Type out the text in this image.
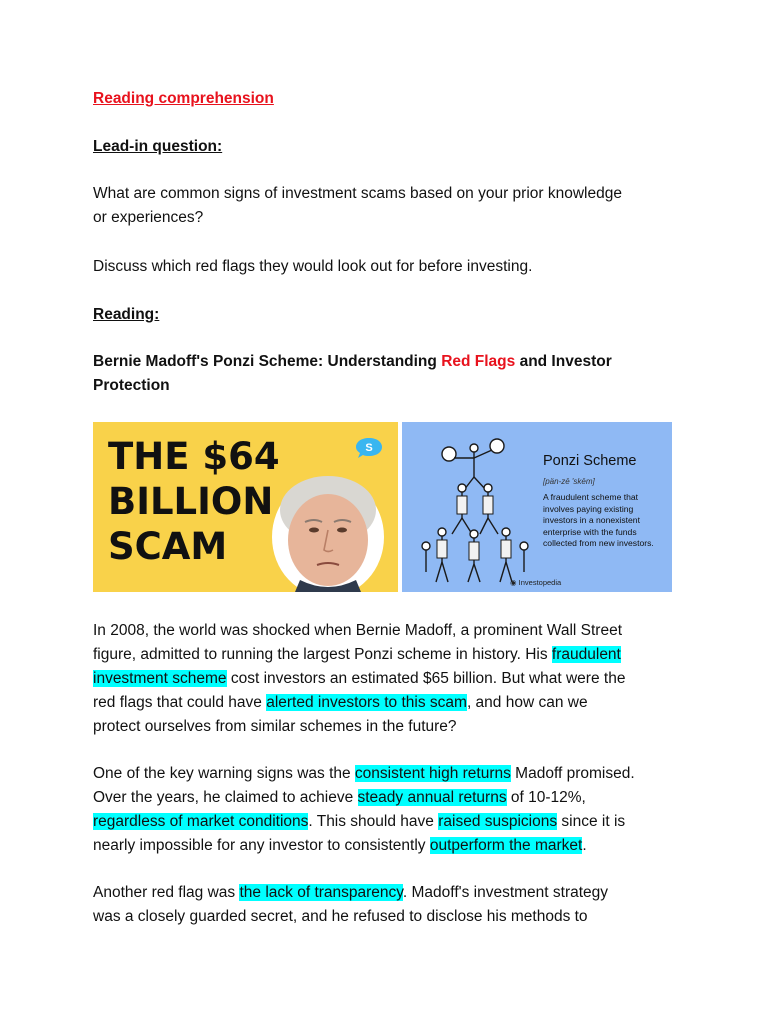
Reading comprehension

Lead-in question:

What are common signs of investment scams based on your prior knowledge
or experiences?

Discuss which red flags they would look out for before investing.

Reading:

Bernie Madoff's Ponzi Scheme: Understanding Red Flags and Investor
Protection

THE $64
BILLION
SCAM
S
Ponzi Scheme
[pän-zē 'skēm]
A fraudulent scheme that involves paying existing investors in a nonexistent enterprise with the funds collected from new investors.
◉ Investopedia

In 2008, the world was shocked when Bernie Madoff, a prominent Wall Street
figure, admitted to running the largest Ponzi scheme in history. His fraudulent
investment scheme cost investors an estimated $65 billion. But what were the
red flags that could have alerted investors to this scam, and how can we
protect ourselves from similar schemes in the future?

One of the key warning signs was the consistent high returns Madoff promised.
Over the years, he claimed to achieve steady annual returns of 10-12%,
regardless of market conditions. This should have raised suspicions since it is
nearly impossible for any investor to consistently outperform the market.

Another red flag was the lack of transparency. Madoff's investment strategy
was a closely guarded secret, and he refused to disclose his methods to
